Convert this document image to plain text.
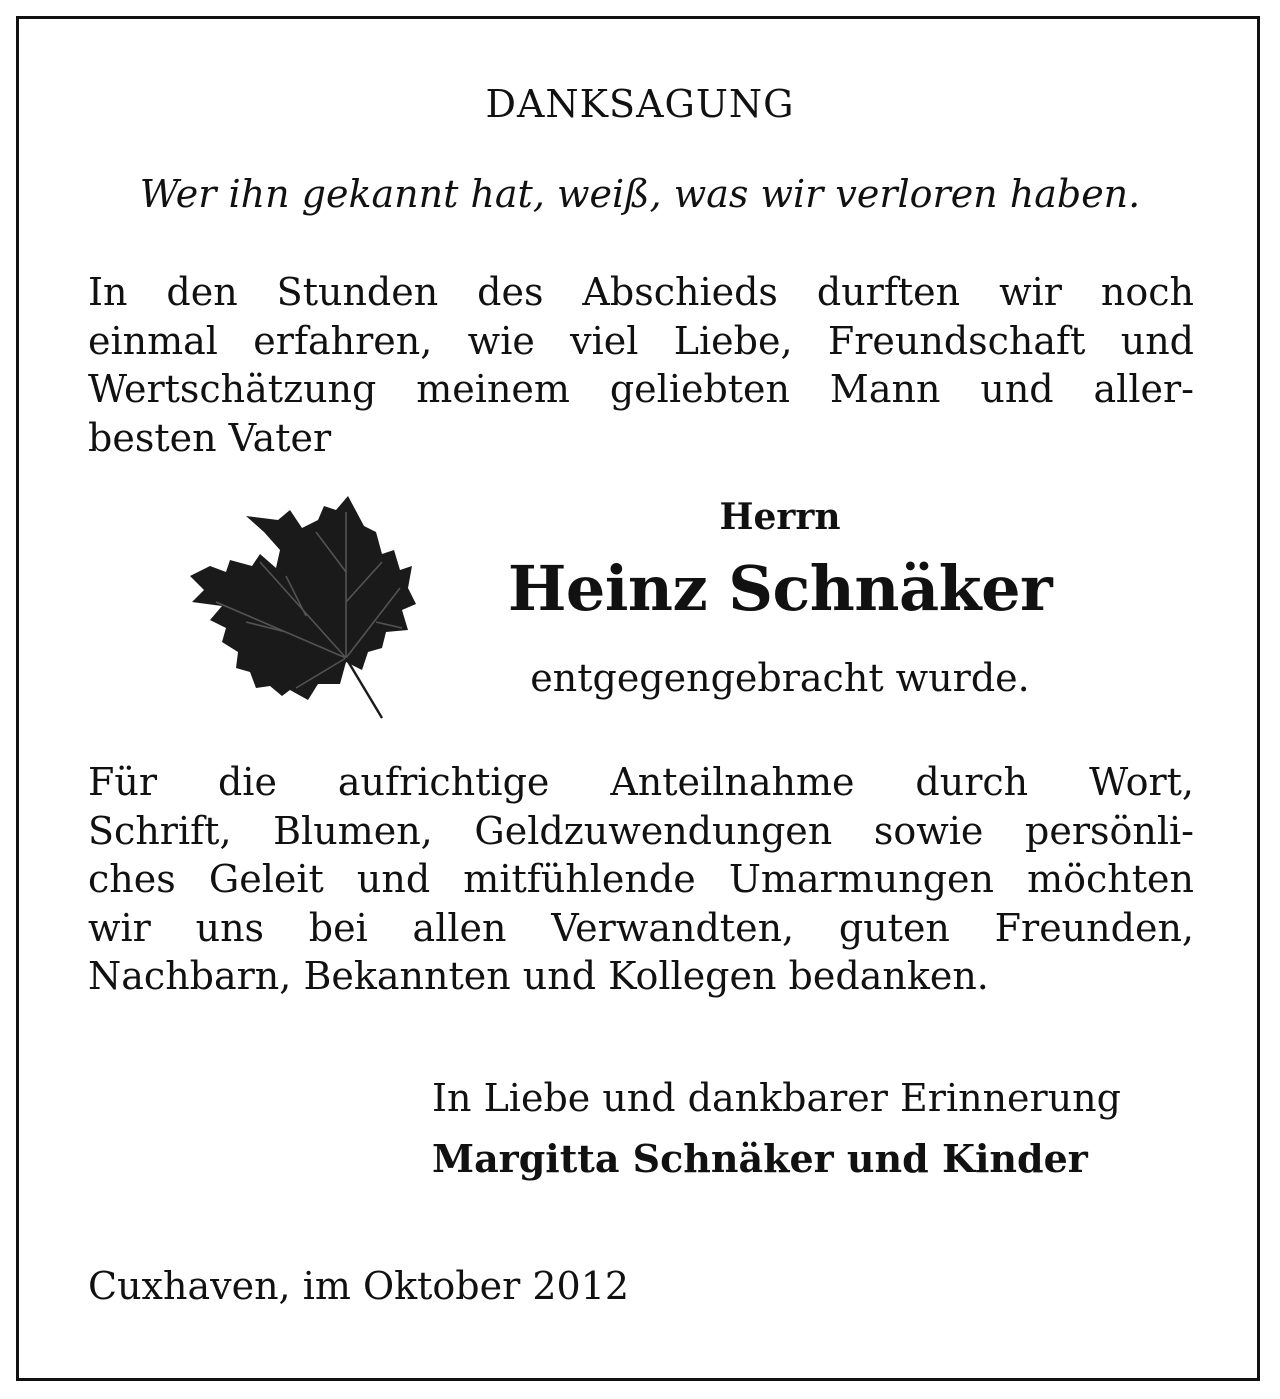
DANKSAGUNG
Wer ihn gekannt hat, weiß, was wir verloren haben.
In den Stunden des Abschieds durften wir noch
einmal erfahren, wie viel Liebe, Freundschaft und
Wertschätzung meinem geliebten Mann und aller-
besten Vater
Herrn
Heinz Schnäker
entgegengebracht wurde.
Für die aufrichtige Anteilnahme durch Wort,
Schrift, Blumen, Geldzuwendungen sowie persönli-
ches Geleit und mitfühlende Umarmungen möchten
wir uns bei allen Verwandten, guten Freunden,
Nachbarn, Bekannten und Kollegen bedanken.
In Liebe und dankbarer Erinnerung
Margitta Schnäker und Kinder
Cuxhaven, im Oktober 2012
